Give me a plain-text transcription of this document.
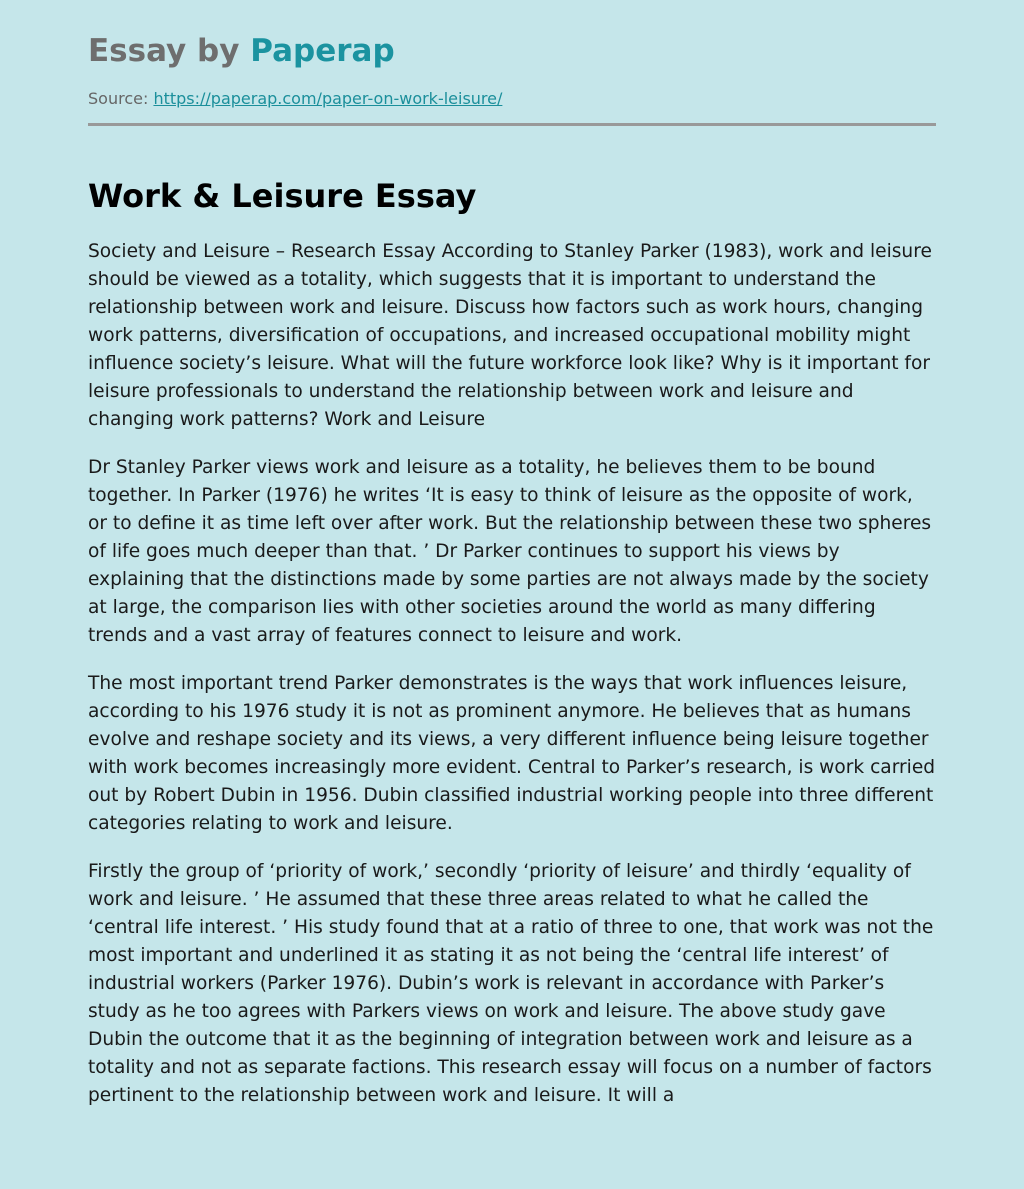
Essay by Paperap
Source: https://paperap.com/paper-on-work-leisure/
Work & Leisure Essay

Society and Leisure – Research Essay According to Stanley Parker (1983), work and leisure should be viewed as a totality, which suggests that it is important to understand the relationship between work and leisure. Discuss how factors such as work hours, changing work patterns, diversification of occupations, and increased occupational mobility might influence society’s leisure. What will the future workforce look like? Why is it important for leisure professionals to understand the relationship between work and leisure and changing work patterns? Work and Leisure

Dr Stanley Parker views work and leisure as a totality, he believes them to be bound together. In Parker (1976) he writes ‘It is easy to think of leisure as the opposite of work, or to define it as time left over after work. But the relationship between these two spheres of life goes much deeper than that. ’ Dr Parker continues to support his views by explaining that the distinctions made by some parties are not always made by the society at large, the comparison lies with other societies around the world as many differing trends and a vast array of features connect to leisure and work.

The most important trend Parker demonstrates is the ways that work influences leisure, according to his 1976 study it is not as prominent anymore. He believes that as humans evolve and reshape society and its views, a very different influence being leisure together with work becomes increasingly more evident. Central to Parker’s research, is work carried out by Robert Dubin in 1956. Dubin classified industrial working people into three different categories relating to work and leisure.

Firstly the group of ‘priority of work,’ secondly ‘priority of leisure’ and thirdly ‘equality of work and leisure. ’ He assumed that these three areas related to what he called the ‘central life interest. ’ His study found that at a ratio of three to one, that work was not the most important and underlined it as stating it as not being the ‘central life interest’ of industrial workers (Parker 1976). Dubin’s work is relevant in accordance with Parker’s study as he too agrees with Parkers views on work and leisure. The above study gave Dubin the outcome that it as the beginning of integration between work and leisure as a totality and not as separate factions. This research essay will focus on a number of factors pertinent to the relationship between work and leisure. It will a
